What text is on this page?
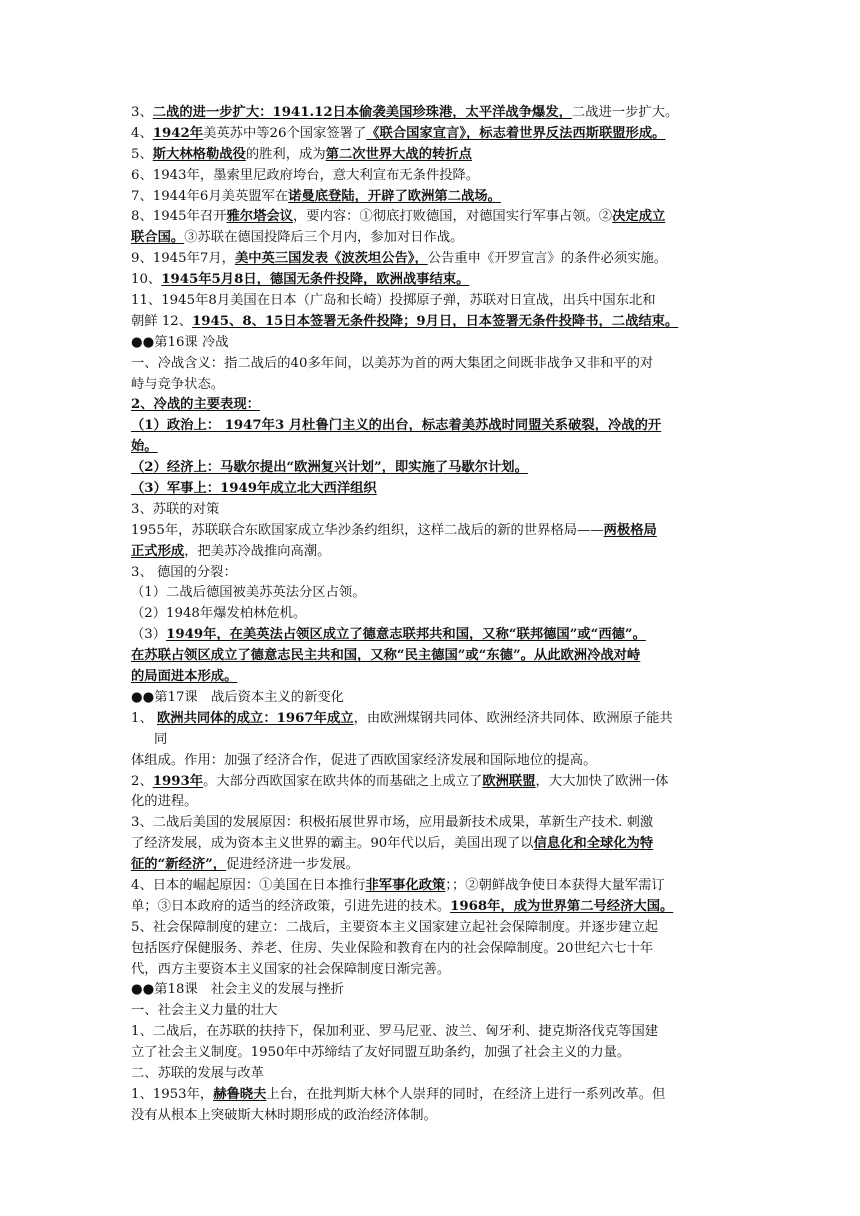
3、二战的进一步扩大：1941.12日本偷袭美国珍珠港，太平洋战争爆发，二战进一步扩大。
4、1942年美英苏中等26个国家签署了《联合国家宣言》，标志着世界反法西斯联盟形成。
5、斯大林格勒战役的胜利，成为第二次世界大战的转折点
6、1943年，墨索里尼政府垮台，意大利宣布无条件投降。
7、1944年6月美英盟军在诺曼底登陆，开辟了欧洲第二战场。
8、1945年召开雅尔塔会议，要内容：①彻底打败德国，对德国实行军事占领。②决定成立
联合国。③苏联在德国投降后三个月内，参加对日作战。
9、1945年7月，美中英三国发表《波茨坦公告》，公告重申《开罗宣言》的条件必须实施。
10、1945年5月8日，德国无条件投降，欧洲战事结束。
11、1945年8月美国在日本（广岛和长崎）投掷原子弹，苏联对日宣战，出兵中国东北和
朝鲜 12、1945、8、15日本签署无条件投降；9月日，日本签署无条件投降书，二战结束。
●●第16课 冷战
一、冷战含义：指二战后的40多年间，以美苏为首的两大集团之间既非战争又非和平的对
峙与竞争状态。
2、冷战的主要表现：
（1）政治上： 1947年3 月杜鲁门主义的出台，标志着美苏战时同盟关系破裂，冷战的开
始。
（2）经济上：马歇尔提出“欧洲复兴计划”，即实施了马歇尔计划。
（3）军事上：1949年成立北大西洋组织
3、苏联的对策
1955年，苏联联合东欧国家成立华沙条约组织，这样二战后的新的世界格局——两极格局
正式形成，把美苏冷战推向高潮。
3、 德国的分裂：
（1）二战后德国被美苏英法分区占领。
（2）1948年爆发柏林危机。
（3）1949年，在美英法占领区成立了德意志联邦共和国，又称“联邦德国”或“西德”。
在苏联占领区成立了德意志民主共和国，又称“民主德国”或“东德”。从此欧洲冷战对峙
的局面进本形成。
●●第17课　战后资本主义的新变化
1、 欧洲共同体的成立：1967年成立，由欧洲煤钢共同体、欧洲经济共同体、欧洲原子能共
同
体组成。作用：加强了经济合作，促进了西欧国家经济发展和国际地位的提高。
2、1993年。大部分西欧国家在欧共体的而基础之上成立了欧洲联盟，大大加快了欧洲一体
化的进程。
3、二战后美国的发展原因：积极拓展世界市场，应用最新技术成果，革新生产技术. 刺激
了经济发展，成为资本主义世界的霸主。90年代以后，美国出现了以信息化和全球化为特
征的“新经济”，促进经济进一步发展。
4、日本的崛起原因：①美国在日本推行非军事化政策；；②朝鲜战争使日本获得大量军需订
单；③日本政府的适当的经济政策，引进先进的技术。1968年，成为世界第二号经济大国。
5、社会保障制度的建立：二战后，主要资本主义国家建立起社会保障制度。并逐步建立起
包括医疗保健服务、养老、住房、失业保险和教育在内的社会保障制度。20世纪六七十年
代，西方主要资本主义国家的社会保障制度日渐完善。
●●第18课　社会主义的发展与挫折
一、社会主义力量的壮大
1、二战后，在苏联的扶持下，保加利亚、罗马尼亚、波兰、匈牙利、捷克斯洛伐克等国建
立了社会主义制度。1950年中苏缔结了友好同盟互助条约，加强了社会主义的力量。
二、苏联的发展与改革
1、1953年，赫鲁晓夫上台，在批判斯大林个人崇拜的同时，在经济上进行一系列改革。但
没有从根本上突破斯大林时期形成的政治经济体制。
